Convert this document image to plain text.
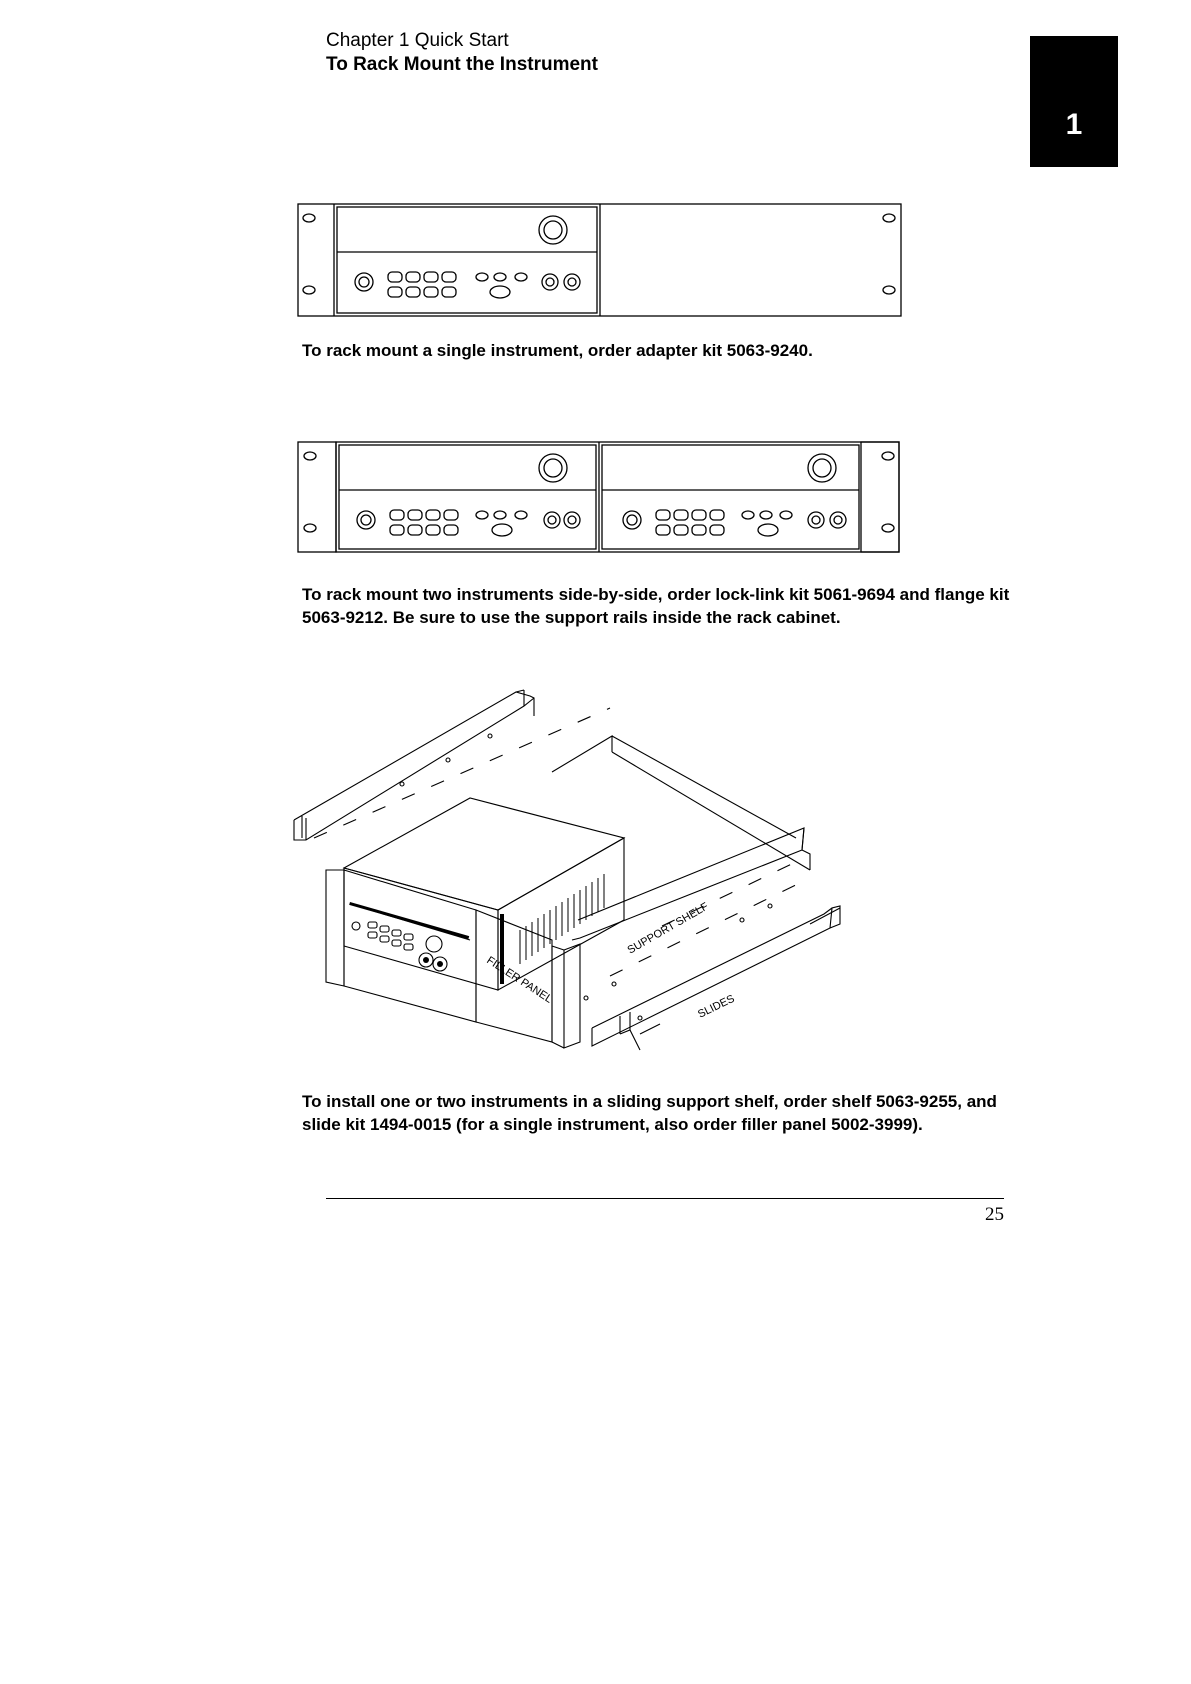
Chapter 1 Quick Start
To Rack Mount the Instrument
1
To rack mount a single instrument, order adapter kit 5063-9240.
To rack mount two instruments side-by-side, order lock-link kit 5061-9694 and flange kit 5063-9212. Be sure to use the support rails inside the rack cabinet.
FILLER PANEL
SUPPORT SHELF
SLIDES
To install one or two instruments in a sliding support shelf, order shelf 5063-9255, and slide kit 1494-0015 (for a single instrument, also order filler panel 5002-3999).
25
